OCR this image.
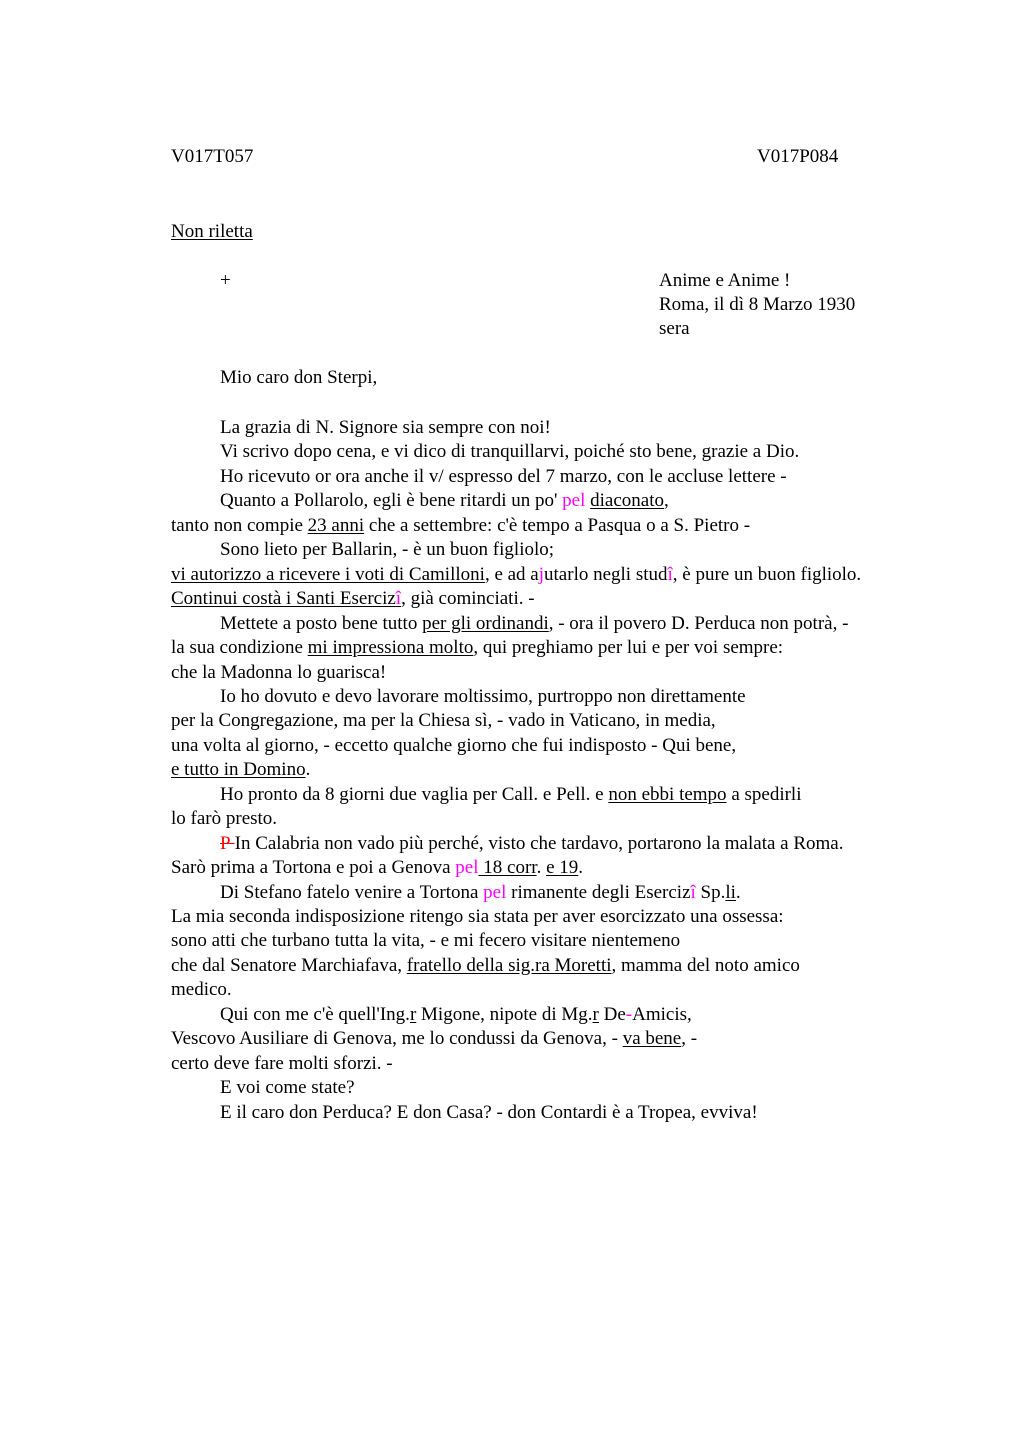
V017T057	V017P084
Non riletta
+	Anime e Anime !
Roma, il dì 8 Marzo 1930
sera
Mio caro don Sterpi,
La grazia di N. Signore sia sempre con noi!
Vi scrivo dopo cena, e vi dico di tranquillarvi, poiché sto bene, grazie a Dio.
Ho ricevuto or ora anche il v/ espresso del 7 marzo, con le accluse lettere -
Quanto a Pollarolo, egli è bene ritardi un po' pel diaconato,
tanto non compie 23 anni che a settembre: c'è tempo a Pasqua o a S. Pietro -
Sono lieto per Ballarin, - è un buon figliolo;
vi autorizzo a ricevere i voti di Camilloni, e ad ajutarlo negli studî, è pure un buon figliolo.
Continui costà i Santi Esercizî, già cominciati. -
Mettete a posto bene tutto per gli ordinandi, - ora il povero D. Perduca non potrà, -
la sua condizione mi impressiona molto, qui preghiamo per lui e per voi sempre:
che la Madonna lo guarisca!
Io ho dovuto e devo lavorare moltissimo, purtroppo non direttamente
per la Congregazione, ma per la Chiesa sì, - vado in Vaticano, in media,
una volta al giorno, - eccetto qualche giorno che fui indisposto - Qui bene,
e tutto in Domino.
Ho pronto da 8 giorni due vaglia per Call. e Pell. e non ebbi tempo a spedirli
lo farò presto.
P In Calabria non vado più perché, visto che tardavo, portarono la malata a Roma.
Sarò prima a Tortona e poi a Genova pel 18 corr. e 19.
Di Stefano fatelo venire a Tortona pel rimanente degli Esercizî Sp.li.
La mia seconda indisposizione ritengo sia stata per aver esorcizzato una ossessa:
sono atti che turbano tutta la vita, - e mi fecero visitare nientemeno
che dal Senatore Marchiafava, fratello della sig.ra Moretti, mamma del noto amico
medico.
Qui con me c'è quell'Ing.r Migone, nipote di Mg.r De-Amicis,
Vescovo Ausiliare di Genova, me lo condussi da Genova, - va bene, -
certo deve fare molti sforzi. -
E voi come state?
E il caro don Perduca? E don Casa? - don Contardi è a Tropea, evviva!
